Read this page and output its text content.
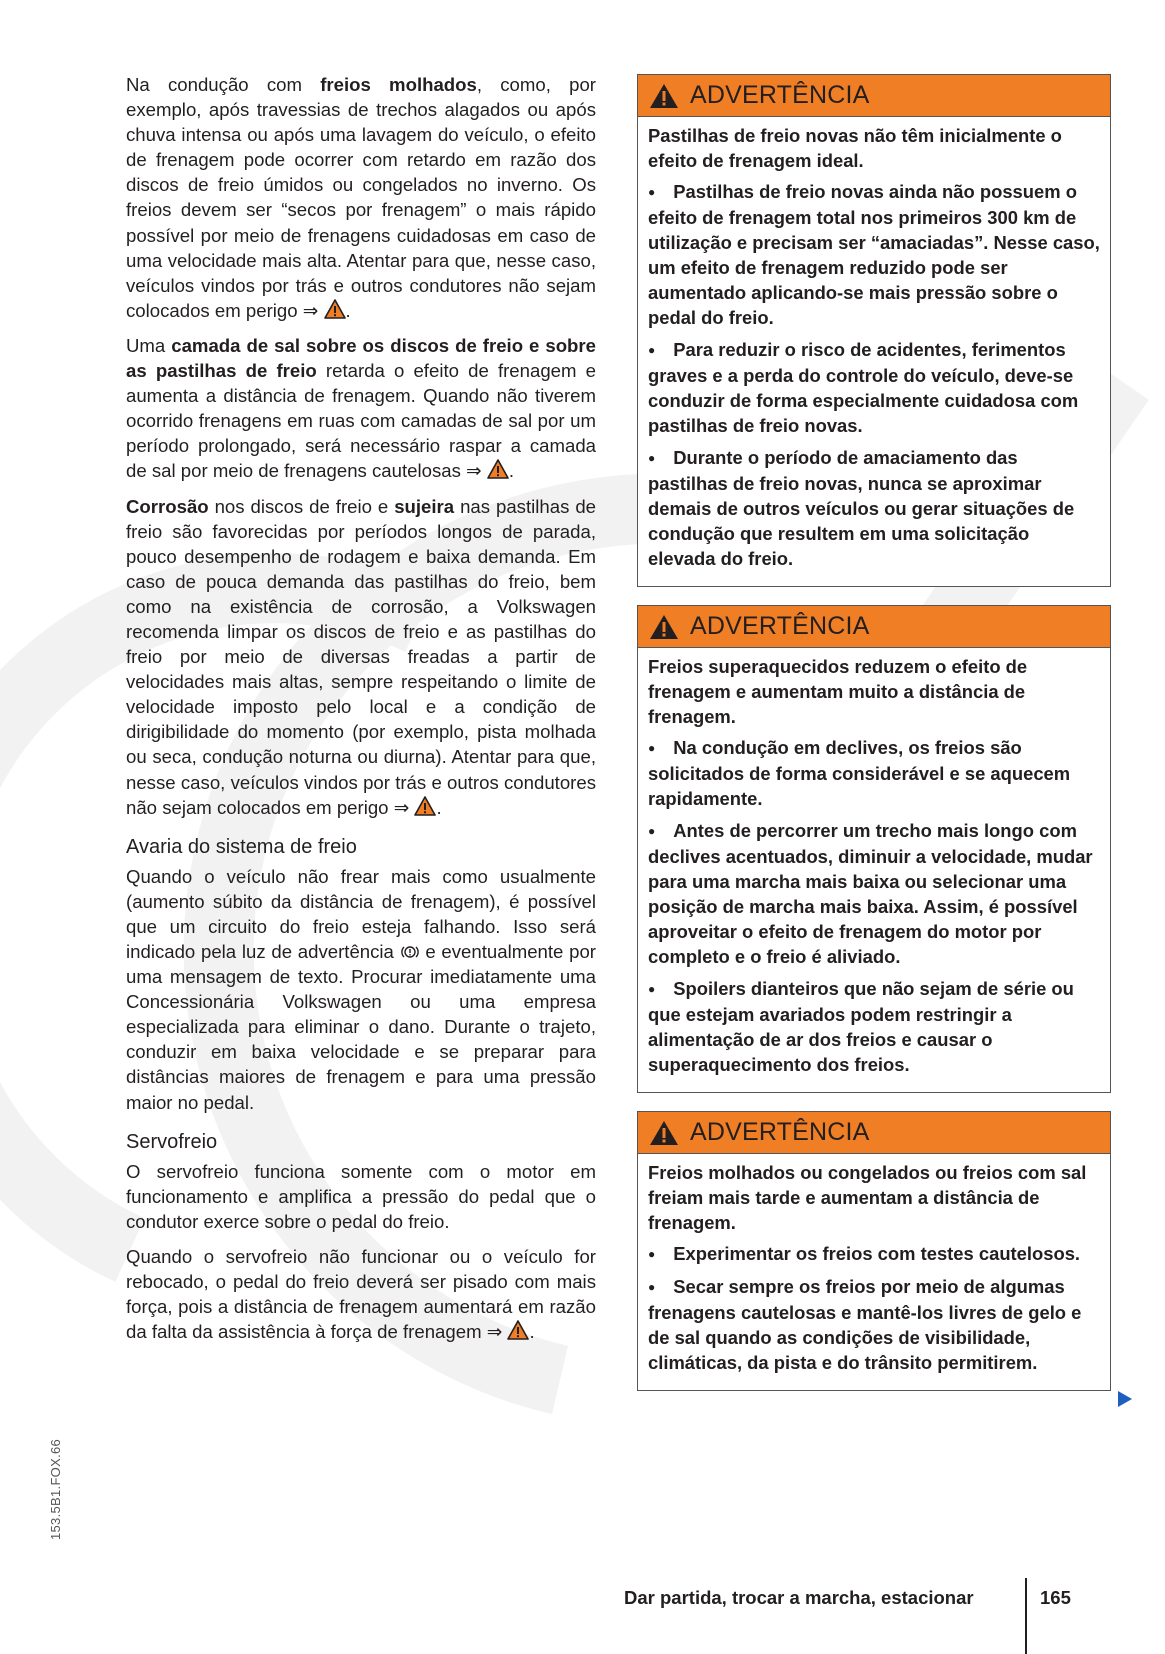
Na condução com freios molhados, como, por exemplo, após travessias de trechos alagados ou após chuva intensa ou após uma lavagem do veículo, o efeito de frenagem pode ocorrer com retardo em razão dos discos de freio úmidos ou congelados no inverno. Os freios devem ser “secos por frenagem” o mais rápido possível por meio de frenagens cuidadosas em caso de uma velocidade mais alta. Atentar para que, nesse caso, veículos vindos por trás e outros condutores não sejam colocados em perigo ⇒ .

Uma camada de sal sobre os discos de freio e sobre as pastilhas de freio retarda o efeito de frenagem e aumenta a distância de frenagem. Quando não tiverem ocorrido frenagens em ruas com camadas de sal por um período prolongado, será necessário raspar a camada de sal por meio de frenagens cautelosas ⇒ .

Corrosão nos discos de freio e sujeira nas pastilhas de freio são favorecidas por períodos longos de parada, pouco desempenho de rodagem e baixa demanda. Em caso de pouca demanda das pastilhas do freio, bem como na existência de corrosão, a Volkswagen recomenda limpar os discos de freio e as pastilhas do freio por meio de diversas freadas a partir de velocidades mais altas, sempre respeitando o limite de velocidade imposto pelo local e a condição de dirigibilidade do momento (por exemplo, pista molhada ou seca, condução noturna ou diurna). Atentar para que, nesse caso, veículos vindos por trás e outros condutores não sejam colocados em perigo ⇒ .

Avaria do sistema de freio

Quando o veículo não frear mais como usualmente (aumento súbito da distância de frenagem), é possível que um circuito do freio esteja falhando. Isso será indicado pela luz de advertência  e eventualmente por uma mensagem de texto. Procurar imediatamente uma Concessionária Volkswagen ou uma empresa especializada para eliminar o dano. Durante o trajeto, conduzir em baixa velocidade e se preparar para distâncias maiores de frenagem e para uma pressão maior no pedal.

Servofreio

O servofreio funciona somente com o motor em funcionamento e amplifica a pressão do pedal que o condutor exerce sobre o pedal do freio.

Quando o servofreio não funcionar ou o veículo for rebocado, o pedal do freio deverá ser pisado com mais força, pois a distância de frenagem aumentará em razão da falta da assistência à força de frenagem ⇒ .

ADVERTÊNCIA

Pastilhas de freio novas não têm inicialmente o efeito de frenagem ideal.

● Pastilhas de freio novas ainda não possuem o efeito de frenagem total nos primeiros 300 km de utilização e precisam ser “amaciadas”. Nesse caso, um efeito de frenagem reduzido pode ser aumentado aplicando-se mais pressão sobre o pedal do freio.
● Para reduzir o risco de acidentes, ferimentos graves e a perda do controle do veículo, deve-se conduzir de forma especialmente cuidadosa com pastilhas de freio novas.
● Durante o período de amaciamento das pastilhas de freio novas, nunca se aproximar demais de outros veículos ou gerar situações de condução que resultem em uma solicitação elevada do freio.
ADVERTÊNCIA

Freios superaquecidos reduzem o efeito de frenagem e aumentam muito a distância de frenagem.

● Na condução em declives, os freios são solicitados de forma considerável e se aquecem rapidamente.
● Antes de percorrer um trecho mais longo com declives acentuados, diminuir a velocidade, mudar para uma marcha mais baixa ou selecionar uma posição de marcha mais baixa. Assim, é possível aproveitar o efeito de frenagem do motor por completo e o freio é aliviado.
● Spoilers dianteiros que não sejam de série ou que estejam avariados podem restringir a alimentação de ar dos freios e causar o superaquecimento dos freios.
ADVERTÊNCIA

Freios molhados ou congelados ou freios com sal freiam mais tarde e aumentam a distância de frenagem.

● Experimentar os freios com testes cautelosos.
● Secar sempre os freios por meio de algumas frenagens cautelosas e mantê-los livres de gelo e de sal quando as condições de visibilidade, climáticas, da pista e do trânsito permitirem.
153.5B1.FOX.66
Dar partida, trocar a marcha, estacionar	165
